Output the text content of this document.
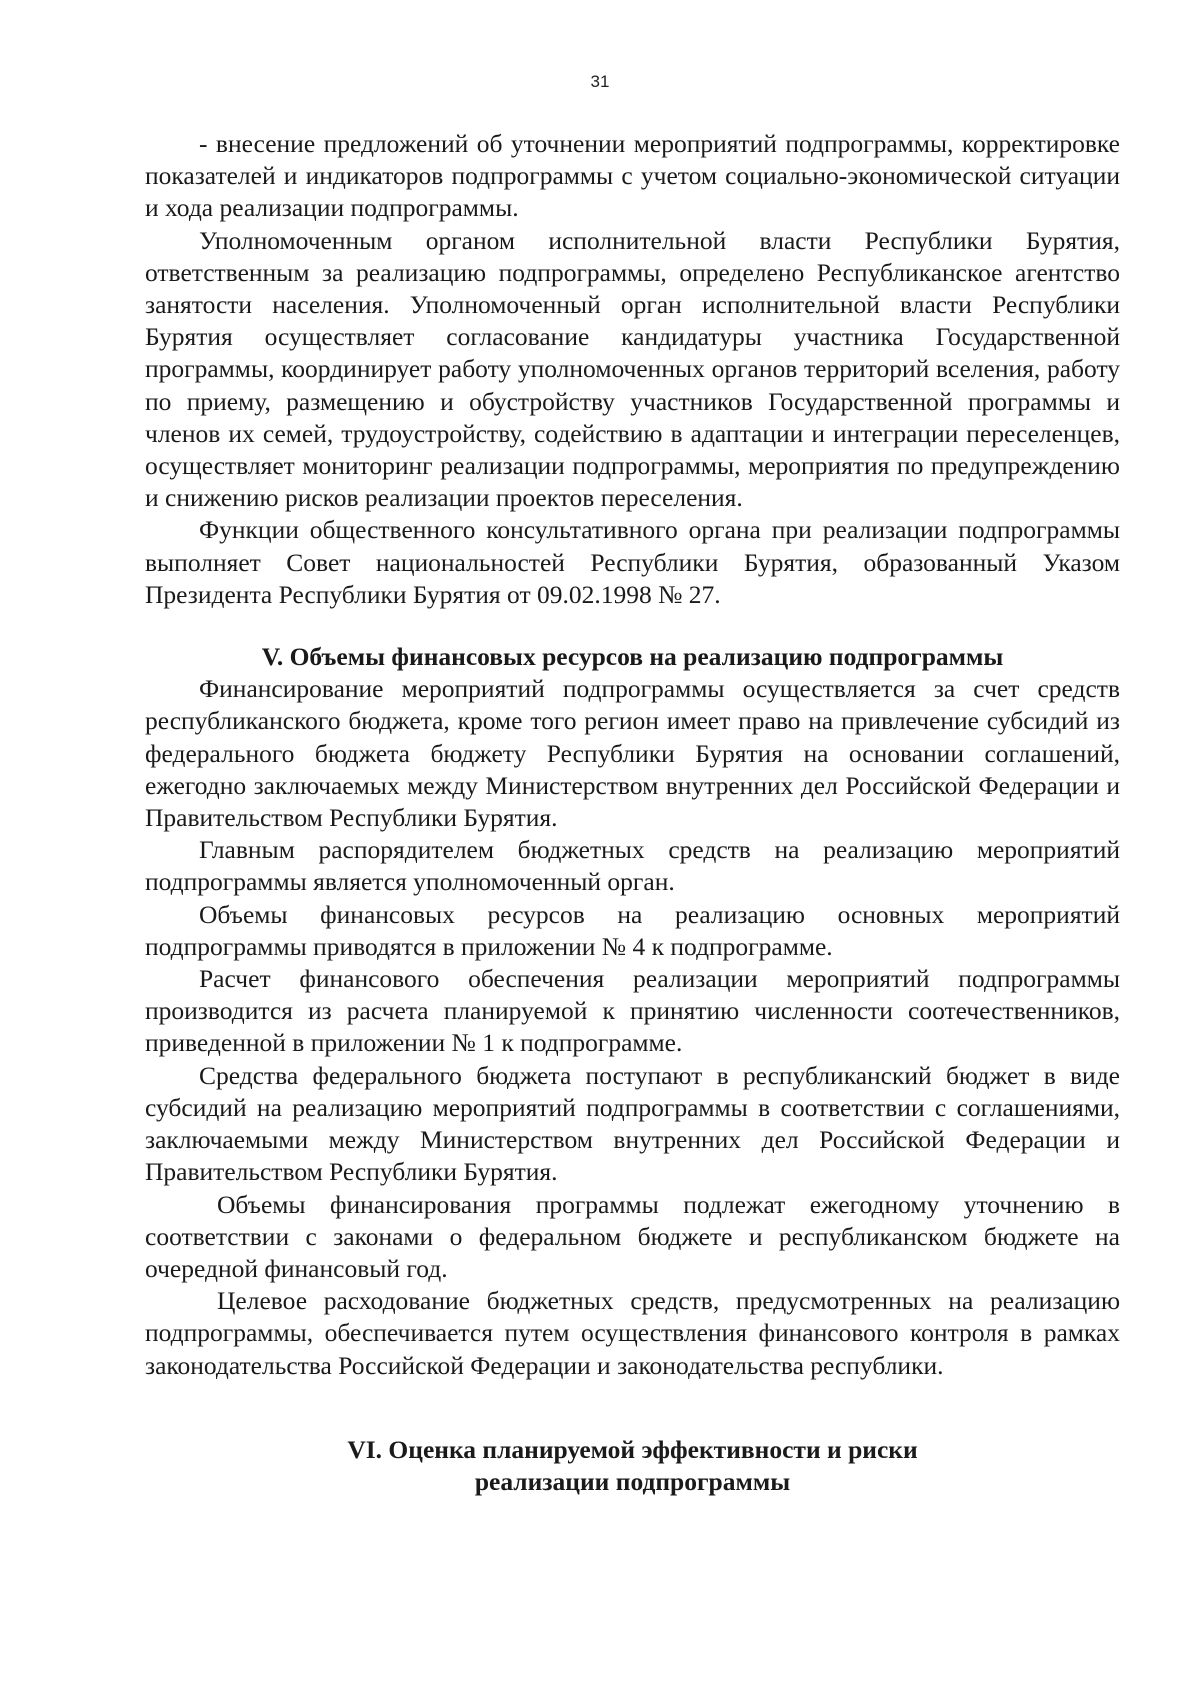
31

- внесение предложений об уточнении мероприятий подпрограммы, корректировке показателей и индикаторов подпрограммы с учетом социально-экономической ситуации и хода реализации подпрограммы.

Уполномоченным органом исполнительной власти Республики Бурятия, ответственным за реализацию подпрограммы, определено Республиканское агентство занятости населения. Уполномоченный орган исполнительной власти Республики Бурятия осуществляет согласование кандидатуры участника Государственной программы, координирует работу уполномоченных органов территорий вселения, работу по приему, размещению и обустройству участников Государственной программы и членов их семей, трудоустройству, содействию в адаптации и интеграции переселенцев, осуществляет мониторинг реализации подпрограммы, мероприятия по предупреждению и снижению рисков реализации проектов переселения.

Функции общественного консультативного органа при реализации подпрограммы выполняет Совет национальностей Республики Бурятия, образованный Указом Президента Республики Бурятия от 09.02.1998 № 27.

V. Объемы финансовых ресурсов на реализацию подпрограммы

Финансирование мероприятий подпрограммы осуществляется за счет средств республиканского бюджета, кроме того регион имеет право на привлечение субсидий из федерального бюджета бюджету Республики Бурятия на основании соглашений, ежегодно заключаемых между Министерством внутренних дел Российской Федерации и Правительством Республики Бурятия.

Главным распорядителем бюджетных средств на реализацию мероприятий подпрограммы является уполномоченный орган.

Объемы финансовых ресурсов на реализацию основных мероприятий подпрограммы приводятся в приложении № 4 к подпрограмме.

Расчет финансового обеспечения реализации мероприятий подпрограммы производится из расчета планируемой к принятию численности соотечественников, приведенной в приложении № 1 к подпрограмме.

Средства федерального бюджета поступают в республиканский бюджет в виде субсидий на реализацию мероприятий подпрограммы в соответствии с соглашениями, заключаемыми между Министерством внутренних дел Российской Федерации и Правительством Республики Бурятия.

Объемы финансирования программы подлежат ежегодному уточнению в соответствии с законами о федеральном бюджете и республиканском бюджете на очередной финансовый год.

Целевое расходование бюджетных средств, предусмотренных на реализацию подпрограммы, обеспечивается путем осуществления финансового контроля в рамках законодательства Российской Федерации и законодательства республики.

VI. Оценка планируемой эффективности и риски
реализации подпрограммы
